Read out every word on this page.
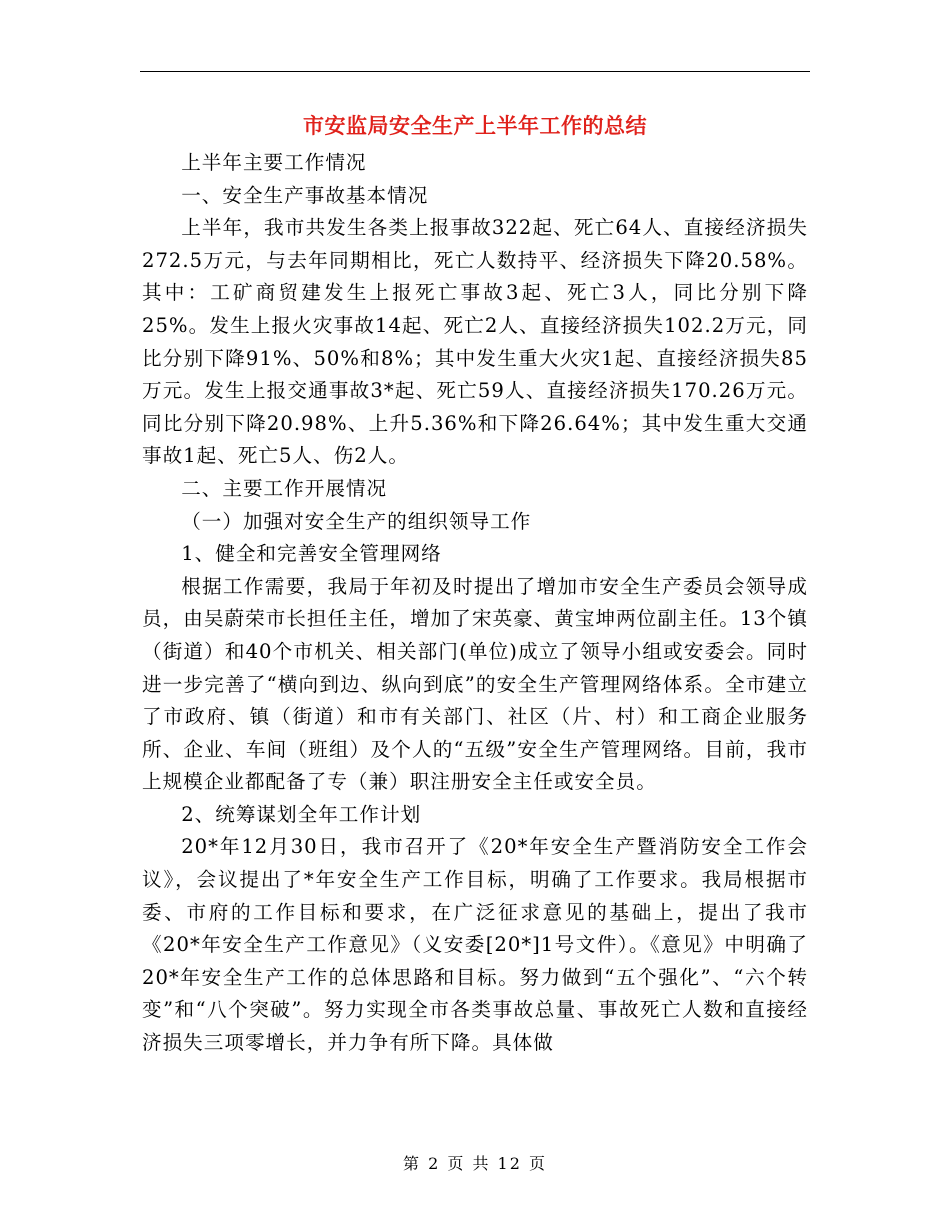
市安监局安全生产上半年工作的总结

上半年主要工作情况

一、安全生产事故基本情况

上半年，我市共发生各类上报事故322起、死亡64人、直接经济损失272.5万元，与去年同期相比，死亡人数持平、经济损失下降20.58%。其中：工矿商贸建发生上报死亡事故3起、死亡3人，同比分别下降25%。发生上报火灾事故14起、死亡2人、直接经济损失102.2万元，同比分别下降91%、50%和8%；其中发生重大火灾1起、直接经济损失85万元。发生上报交通事故3*起、死亡59人、直接经济损失170.26万元。同比分别下降20.98%、上升5.36%和下降26.64%；其中发生重大交通事故1起、死亡5人、伤2人。

二、主要工作开展情况

（一）加强对安全生产的组织领导工作

1、健全和完善安全管理网络

根据工作需要，我局于年初及时提出了增加市安全生产委员会领导成员，由吴蔚荣市长担任主任，增加了宋英豪、黄宝坤两位副主任。13个镇（街道）和40个市机关、相关部门(单位)成立了领导小组或安委会。同时进一步完善了“横向到边、纵向到底”的安全生产管理网络体系。全市建立了市政府、镇（街道）和市有关部门、社区（片、村）和工商企业服务所、企业、车间（班组）及个人的“五级”安全生产管理网络。目前，我市上规模企业都配备了专（兼）职注册安全主任或安全员。

2、统筹谋划全年工作计划

20*年12月30日，我市召开了《20*年安全生产暨消防安全工作会议》，会议提出了*年安全生产工作目标，明确了工作要求。我局根据市委、市府的工作目标和要求，在广泛征求意见的基础上，提出了我市《20*年安全生产工作意见》（义安委[20*]1号文件）。《意见》中明确了20*年安全生产工作的总体思路和目标。努力做到“五个强化”、“六个转变”和“八个突破”。努力实现全市各类事故总量、事故死亡人数和直接经济损失三项零增长，并力争有所下降。具体做

第 2 页 共 12 页
